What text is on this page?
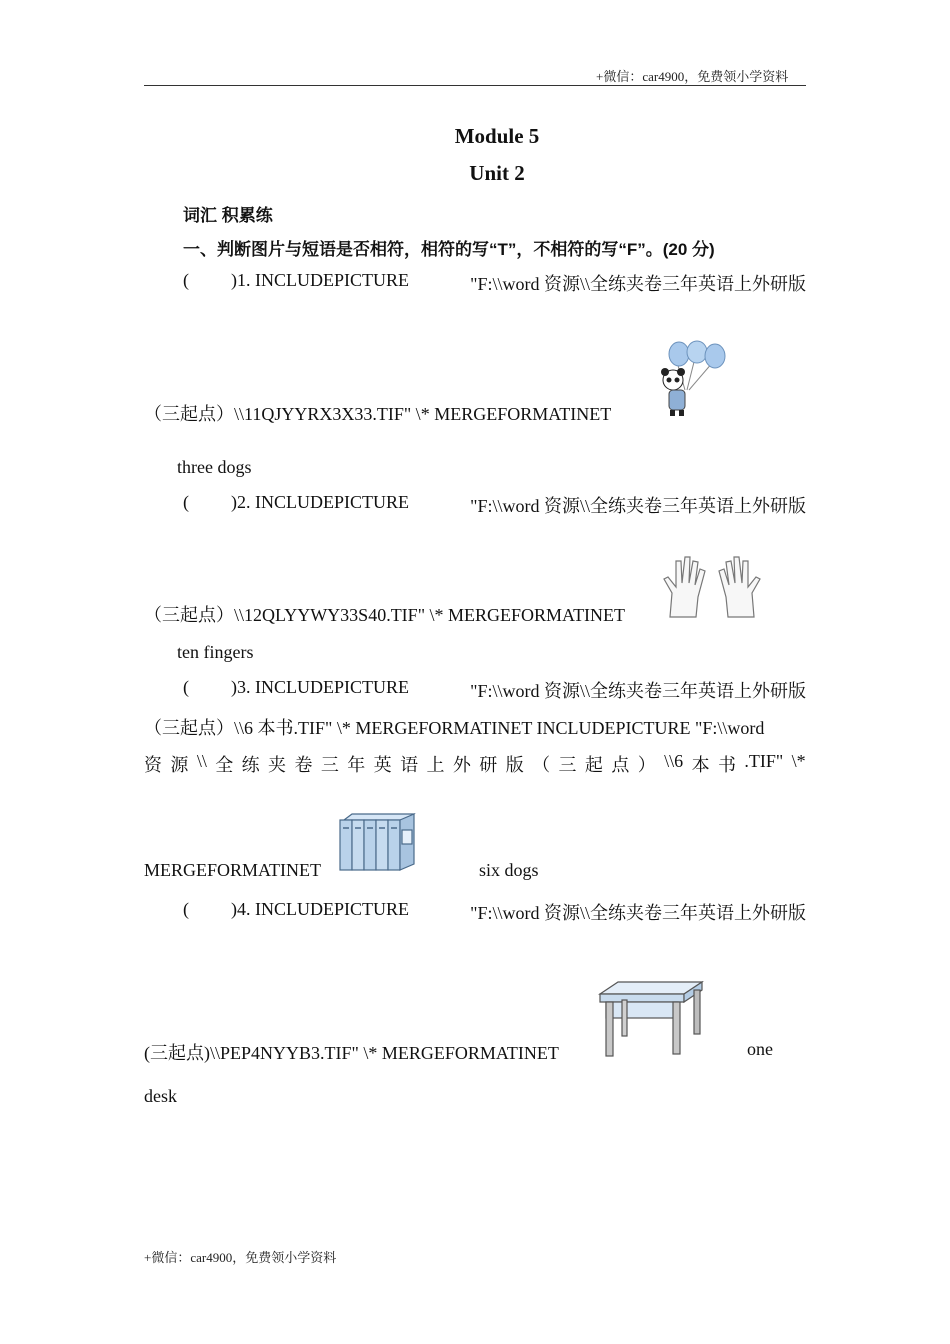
+微信：car4900，免费领小学资料
Module 5
Unit 2
词汇 积累练
一、判断图片与短语是否相符，相符的写“T”，不相符的写“F”。(20 分)
( )1. INCLUDEPICTURE	"F:\\word 资源\\全练夹卷三年英语上外研版
（三起点）\\11QJYYRX3X33.TIF" \* MERGEFORMATINET
three dogs
( )2. INCLUDEPICTURE	"F:\\word 资源\\全练夹卷三年英语上外研版
（三起点）\\12QLYYWY33S40.TIF" \* MERGEFORMATINET
ten fingers
( )3. INCLUDEPICTURE	"F:\\word 资源\\全练夹卷三年英语上外研版
（三起点）\\6 本书.TIF" \* MERGEFORMATINET INCLUDEPICTURE "F:\\word
资 源 \\ 全 练 夹 卷 三 年 英 语 上 外 研 版 （ 三 起 点 ） \\6 本 书 .TIF" \*
MERGEFORMATINET	six dogs
( )4. INCLUDEPICTURE	"F:\\word 资源\\全练夹卷三年英语上外研版
(三起点)\\PEP4NYYB3.TIF" \* MERGEFORMATINET	one
desk
+微信：car4900，免费领小学资料
